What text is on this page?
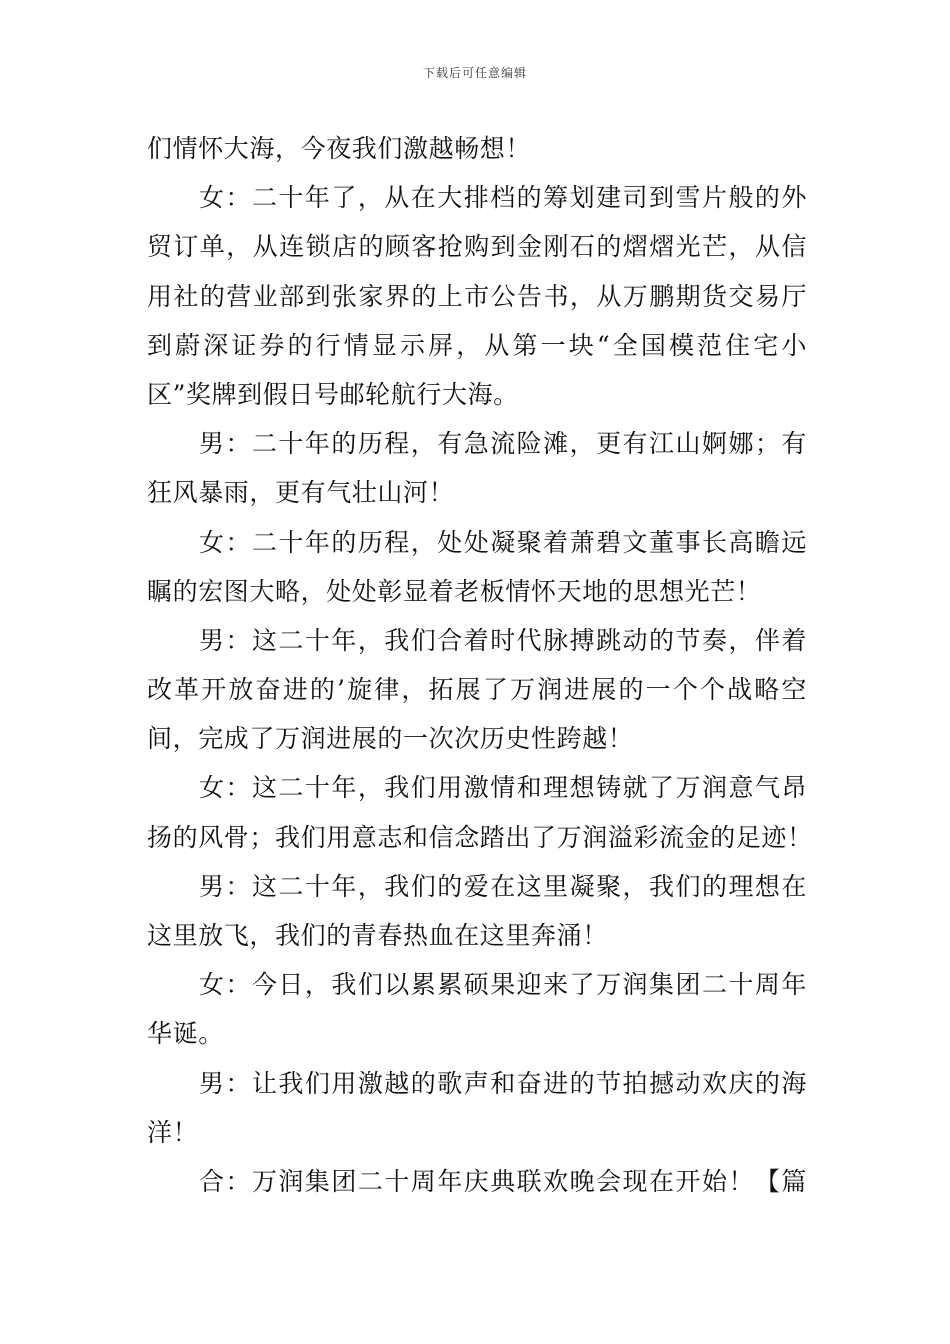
下载后可任意编辑
们情怀大海，今夜我们激越畅想！
女：二十年了，从在大排档的筹划建司到雪片般的外
贸订单，从连锁店的顾客抢购到金刚石的熠熠光芒，从信
用社的营业部到张家界的上市公告书，从万鹏期货交易厅
到蔚深证券的行情显示屏，从第一块“全国模范住宅小
区”奖牌到假日号邮轮航行大海。
男：二十年的历程，有急流险滩，更有江山婀娜；有
狂风暴雨，更有气壮山河！
女：二十年的历程，处处凝聚着萧碧文董事长高瞻远
瞩的宏图大略，处处彰显着老板情怀天地的思想光芒！
男：这二十年，我们合着时代脉搏跳动的节奏，伴着
改革开放奋进的’旋律，拓展了万润进展的一个个战略空
间，完成了万润进展的一次次历史性跨越！
女：这二十年，我们用激情和理想铸就了万润意气昂
扬的风骨；我们用意志和信念踏出了万润溢彩流金的足迹！
男：这二十年，我们的爱在这里凝聚，我们的理想在
这里放飞，我们的青春热血在这里奔涌！
女：今日，我们以累累硕果迎来了万润集团二十周年
华诞。
男：让我们用激越的歌声和奋进的节拍撼动欢庆的海
洋！
合：万润集团二十周年庆典联欢晚会现在开始！【篇
